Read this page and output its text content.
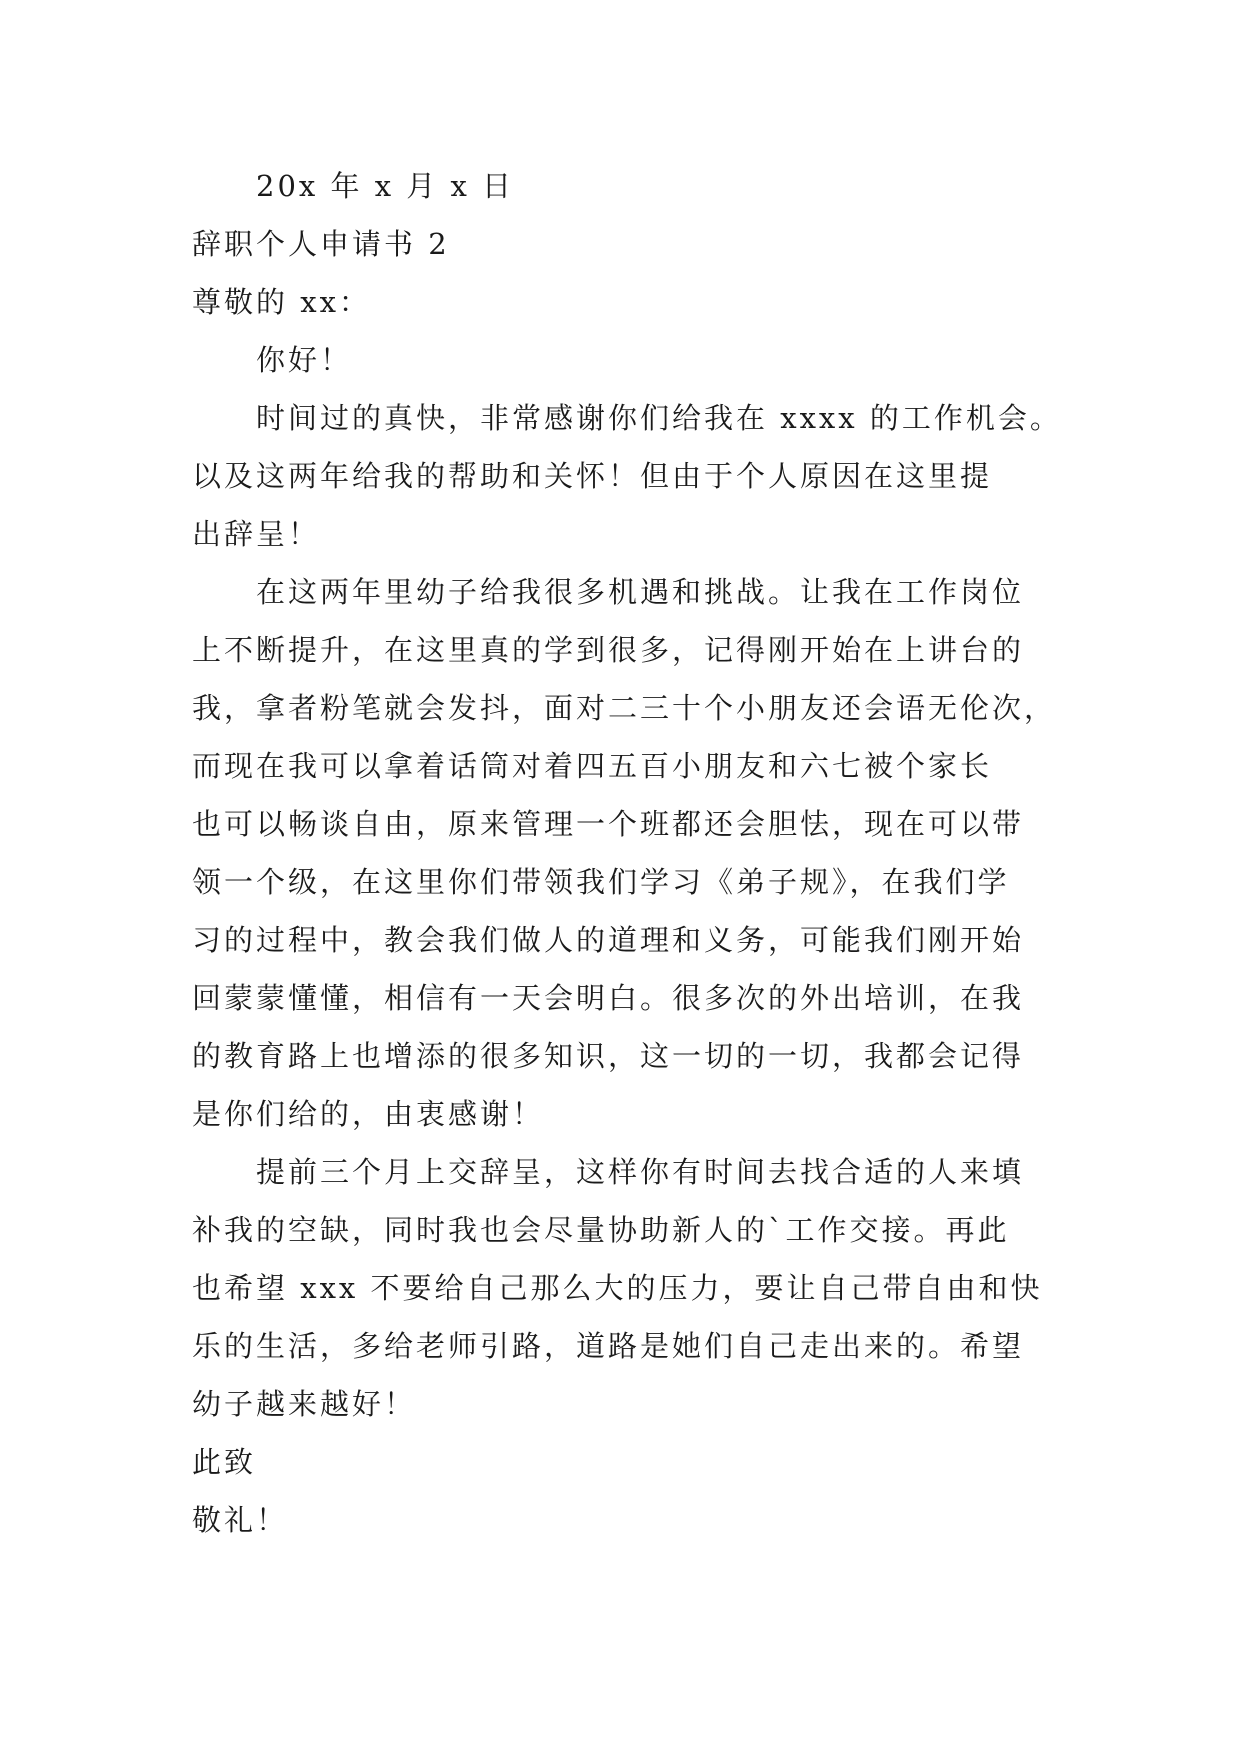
20x 年 x 月 x 日
辞职个人申请书 2
尊敬的 xx：
你好！
时间过的真快，非常感谢你们给我在 xxxx 的工作机会。
以及这两年给我的帮助和关怀！但由于个人原因在这里提
出辞呈！
在这两年里幼子给我很多机遇和挑战。让我在工作岗位
上不断提升，在这里真的学到很多，记得刚开始在上讲台的
我，拿者粉笔就会发抖，面对二三十个小朋友还会语无伦次，
而现在我可以拿着话筒对着四五百小朋友和六七被个家长
也可以畅谈自由，原来管理一个班都还会胆怯，现在可以带
领一个级，在这里你们带领我们学习《弟子规》，在我们学
习的过程中，教会我们做人的道理和义务，可能我们刚开始
回蒙蒙懂懂，相信有一天会明白。很多次的外出培训，在我
的教育路上也增添的很多知识，这一切的一切，我都会记得
是你们给的，由衷感谢！
提前三个月上交辞呈，这样你有时间去找合适的人来填
补我的空缺，同时我也会尽量协助新人的`工作交接。再此
也希望 xxx 不要给自己那么大的压力，要让自己带自由和快
乐的生活，多给老师引路，道路是她们自己走出来的。希望
幼子越来越好！
此致
敬礼！
